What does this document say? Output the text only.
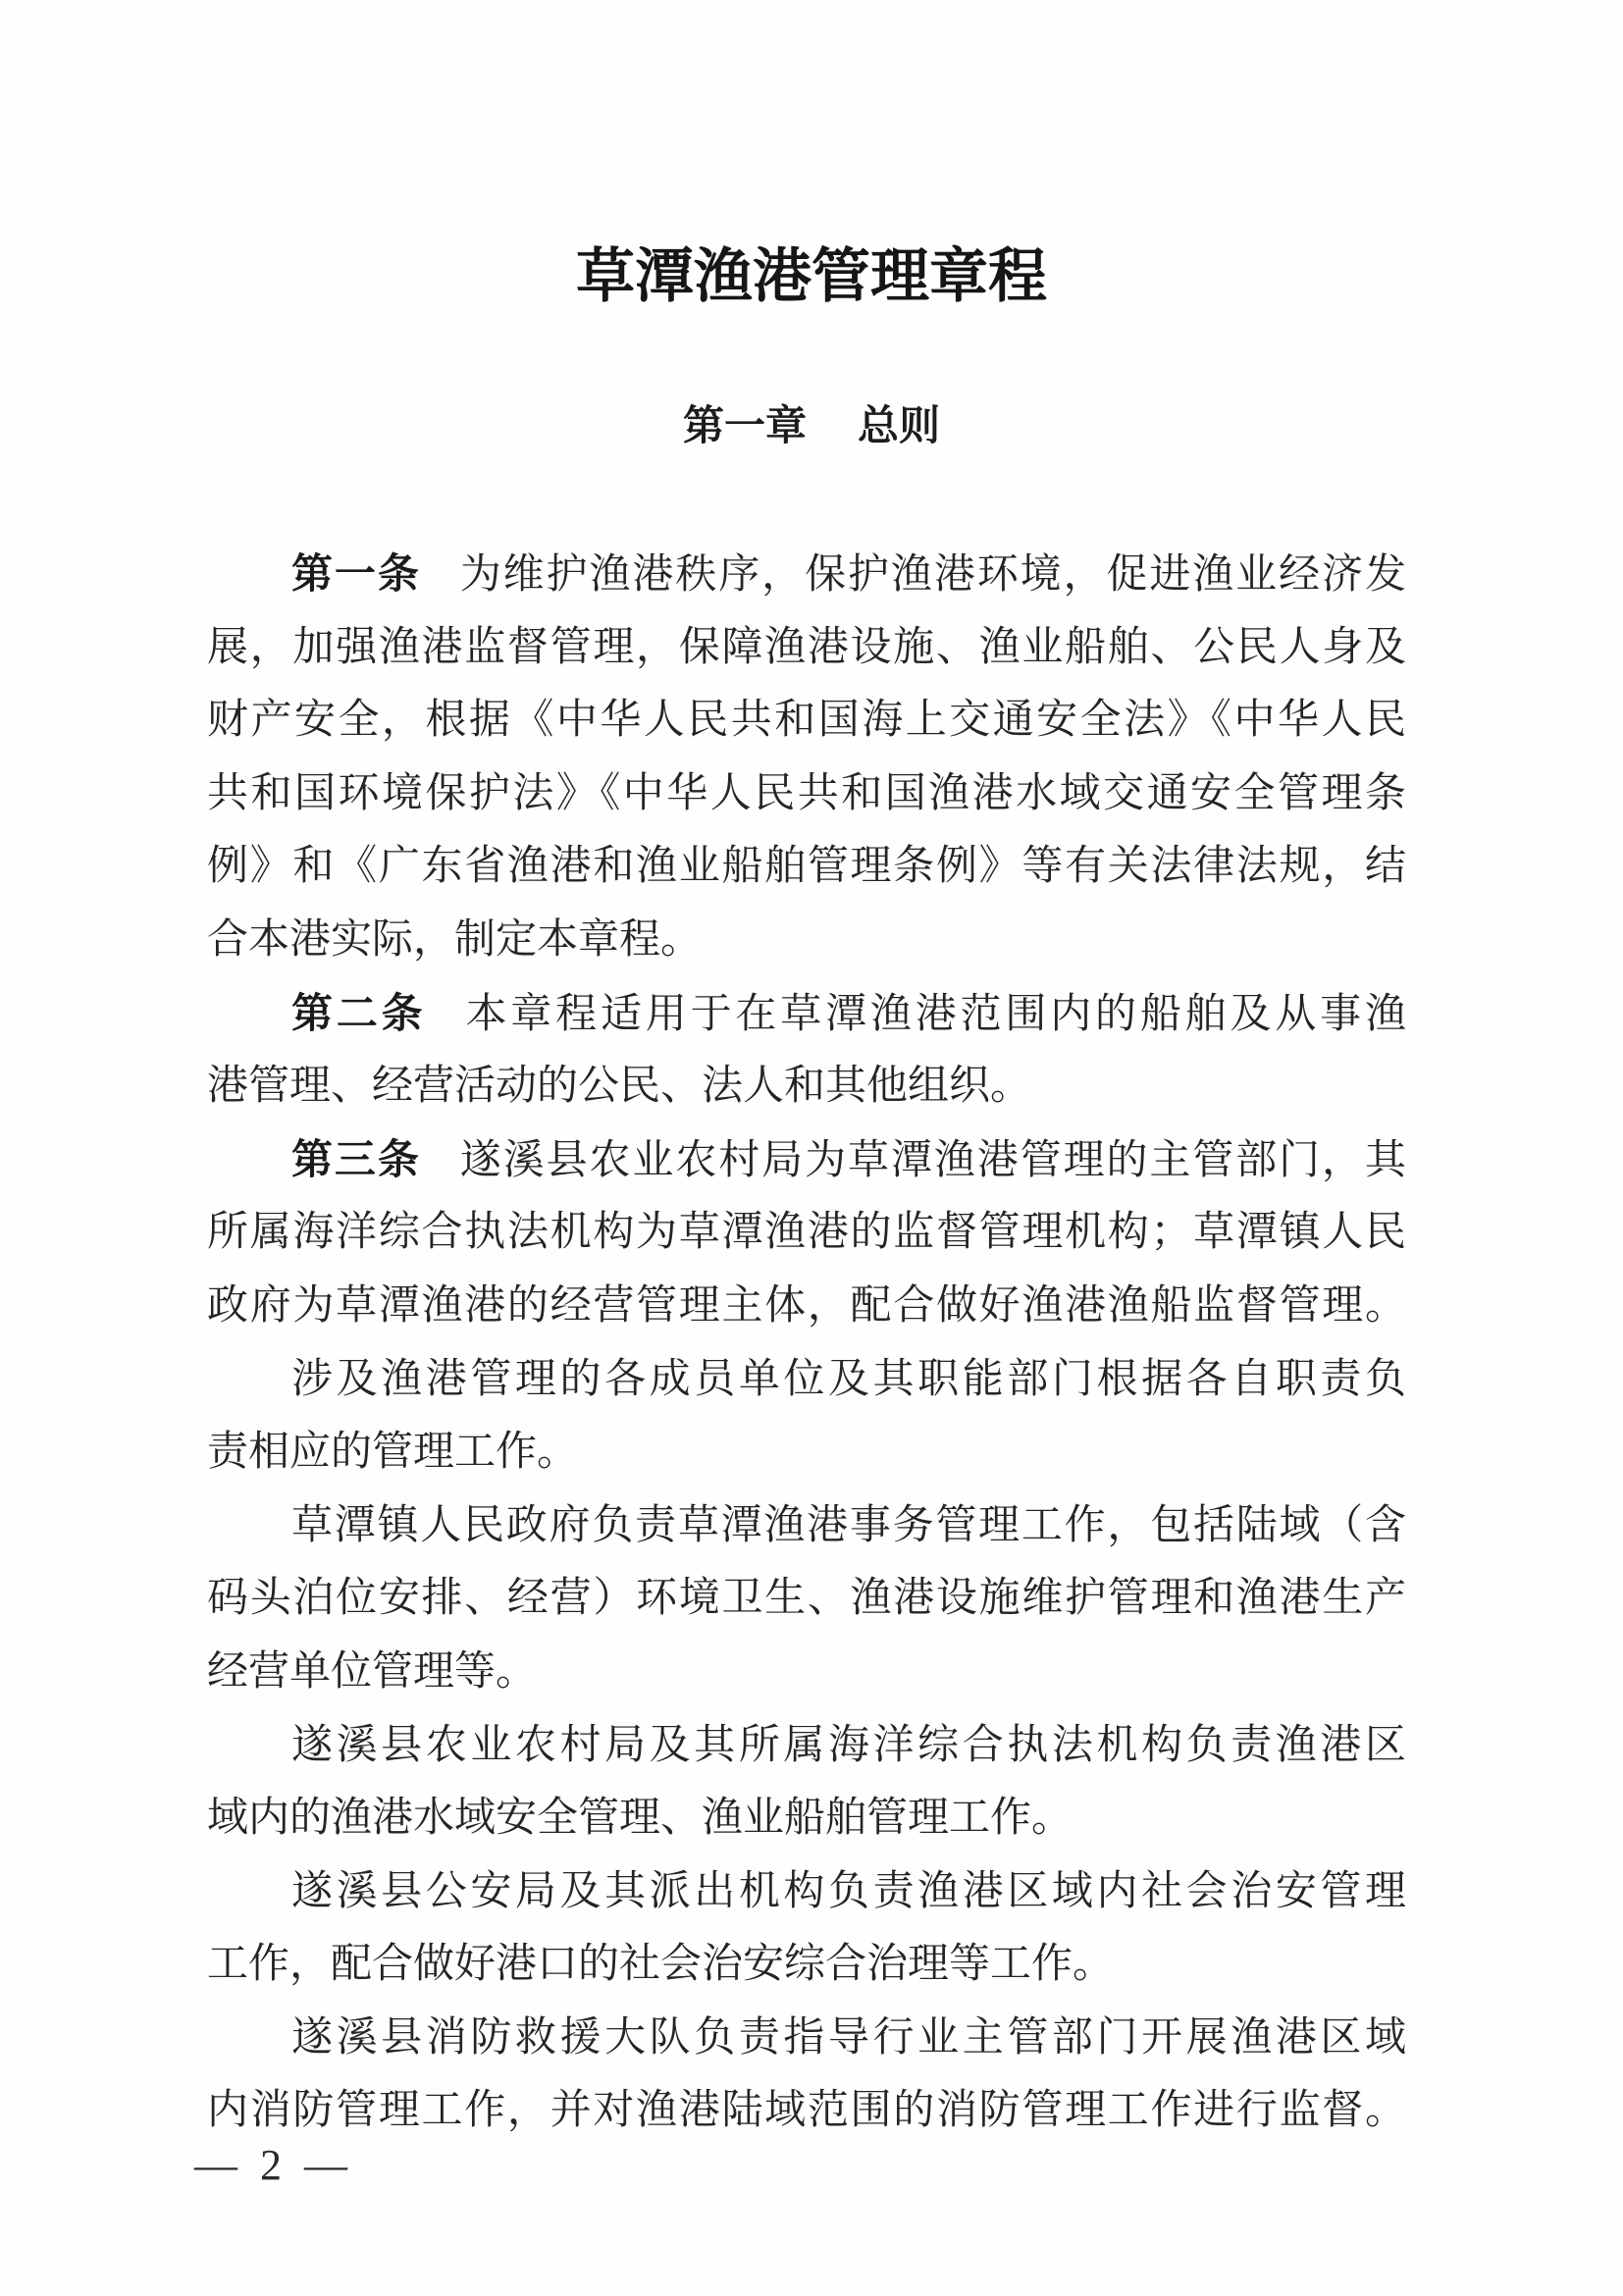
草潭渔港管理章程
第一章 总则
第一条 为维护渔港秩序，保护渔港环境，促进渔业经济发
展，加强渔港监督管理，保障渔港设施、渔业船舶、公民人身及
财产安全，根据《中华人民共和国海上交通安全法》《中华人民
共和国环境保护法》《中华人民共和国渔港水域交通安全管理条
例》和《广东省渔港和渔业船舶管理条例》等有关法律法规，结
合本港实际，制定本章程。
第二条 本章程适用于在草潭渔港范围内的船舶及从事渔
港管理、经营活动的公民、法人和其他组织。
第三条 遂溪县农业农村局为草潭渔港管理的主管部门，其
所属海洋综合执法机构为草潭渔港的监督管理机构；草潭镇人民
政府为草潭渔港的经营管理主体，配合做好渔港渔船监督管理。
涉及渔港管理的各成员单位及其职能部门根据各自职责负
责相应的管理工作。
草潭镇人民政府负责草潭渔港事务管理工作，包括陆域（含
码头泊位安排、经营）环境卫生、渔港设施维护管理和渔港生产
经营单位管理等。
遂溪县农业农村局及其所属海洋综合执法机构负责渔港区
域内的渔港水域安全管理、渔业船舶管理工作。
遂溪县公安局及其派出机构负责渔港区域内社会治安管理
工作，配合做好港口的社会治安综合治理等工作。
遂溪县消防救援大队负责指导行业主管部门开展渔港区域
内消防管理工作，并对渔港陆域范围的消防管理工作进行监督。
— 2 —
